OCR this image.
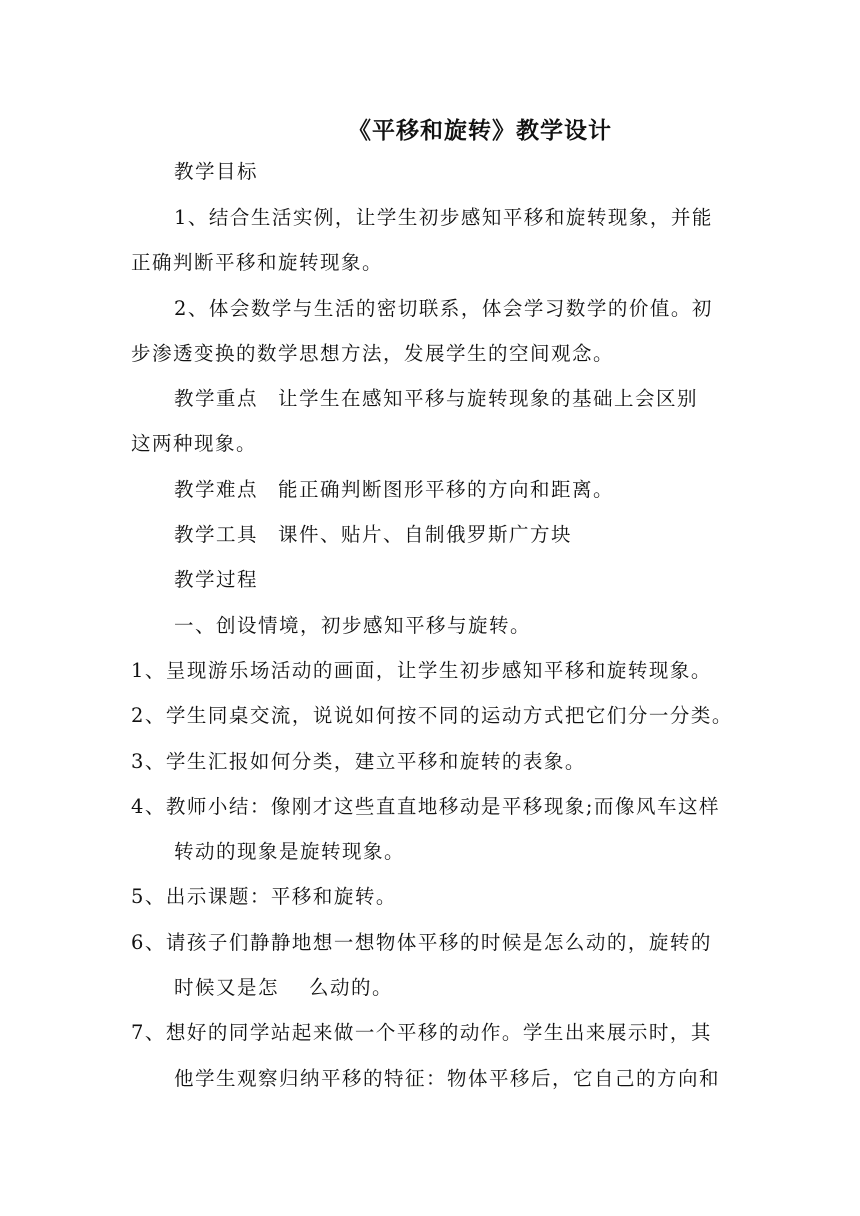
《平移和旋转》教学设计
教学目标
1、结合生活实例，让学生初步感知平移和旋转现象，并能
正确判断平移和旋转现象。
2、体会数学与生活的密切联系，体会学习数学的价值。初
步渗透变换的数学思想方法，发展学生的空间观念。
教学重点 让学生在感知平移与旋转现象的基础上会区别
这两种现象。
教学难点 能正确判断图形平移的方向和距离。
教学工具 课件、贴片、自制俄罗斯广方块
教学过程
一、创设情境，初步感知平移与旋转。
1、呈现游乐场活动的画面，让学生初步感知平移和旋转现象。
2、学生同桌交流，说说如何按不同的运动方式把它们分一分类。
3、学生汇报如何分类，建立平移和旋转的表象。
4、教师小结：像刚才这些直直地移动是平移现象;而像风车这样
转动的现象是旋转现象。
5、出示课题：平移和旋转。
6、请孩子们静静地想一想物体平移的时候是怎么动的，旋转的
时候又是怎 么动的。
7、想好的同学站起来做一个平移的动作。学生出来展示时，其
他学生观察归纳平移的特征：物体平移后，它自己的方向和
